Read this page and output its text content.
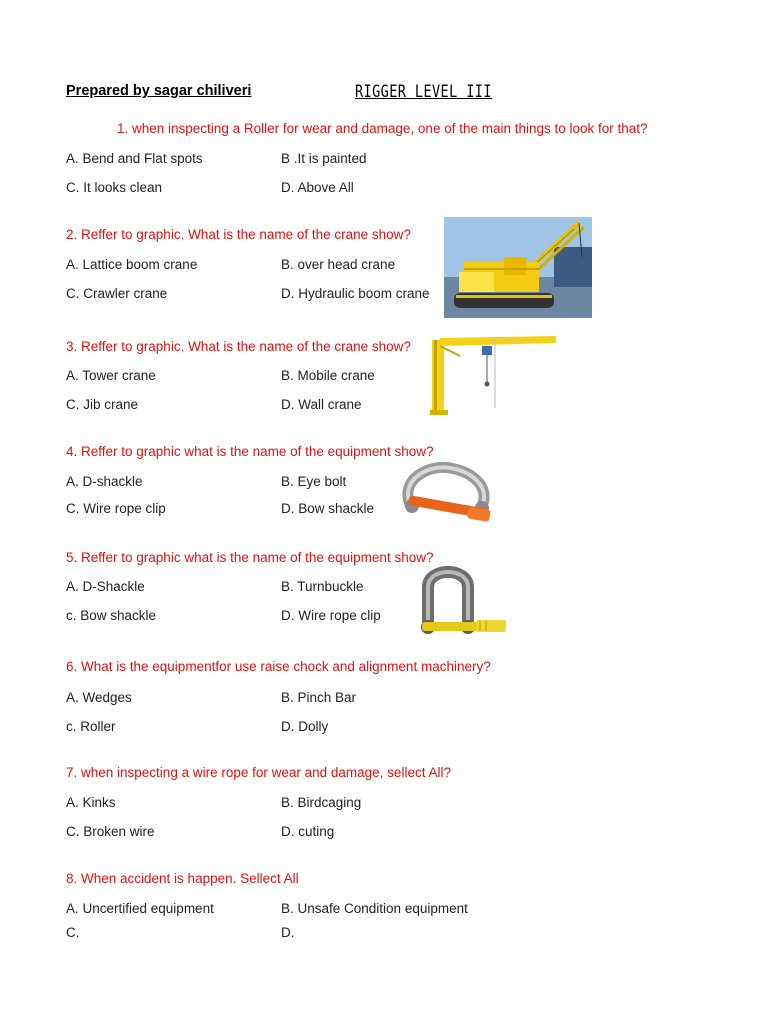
Prepared by sagar chiliveri	RIGGER LEVEL III
1. when inspecting a Roller for wear and damage, one of the main things to look for that?
A. Bend and Flat spots	B .It is painted
C. It looks clean	D. Above All
2. Reffer to graphic. What is the name of the crane show?
A. Lattice boom crane	B. over head crane
C. Crawler crane	D. Hydraulic boom crane
3. Reffer to graphic. What is the name of the crane show?
A. Tower crane	B. Mobile crane
C. Jib crane	D. Wall crane
4. Reffer to graphic what is the name of the equipment show?
A. D-shackle	B. Eye bolt
C. Wire rope clip	D. Bow shackle
5. Reffer to graphic what is the name of the equipment show?
A. D-Shackle	B. Turnbuckle
c. Bow shackle	D. Wire rope clip
6. What is the equipmentfor use raise chock and alignment machinery?
A. Wedges	B. Pinch Bar
c. Roller	D. Dolly
7. when inspecting a wire rope for wear and damage, sellect All?
A. Kinks	B. Birdcaging
C. Broken wire	D. cuting
8. When accident is happen. Sellect All
A. Uncertified equipment	B. Unsafe Condition equipment
C.	D.
